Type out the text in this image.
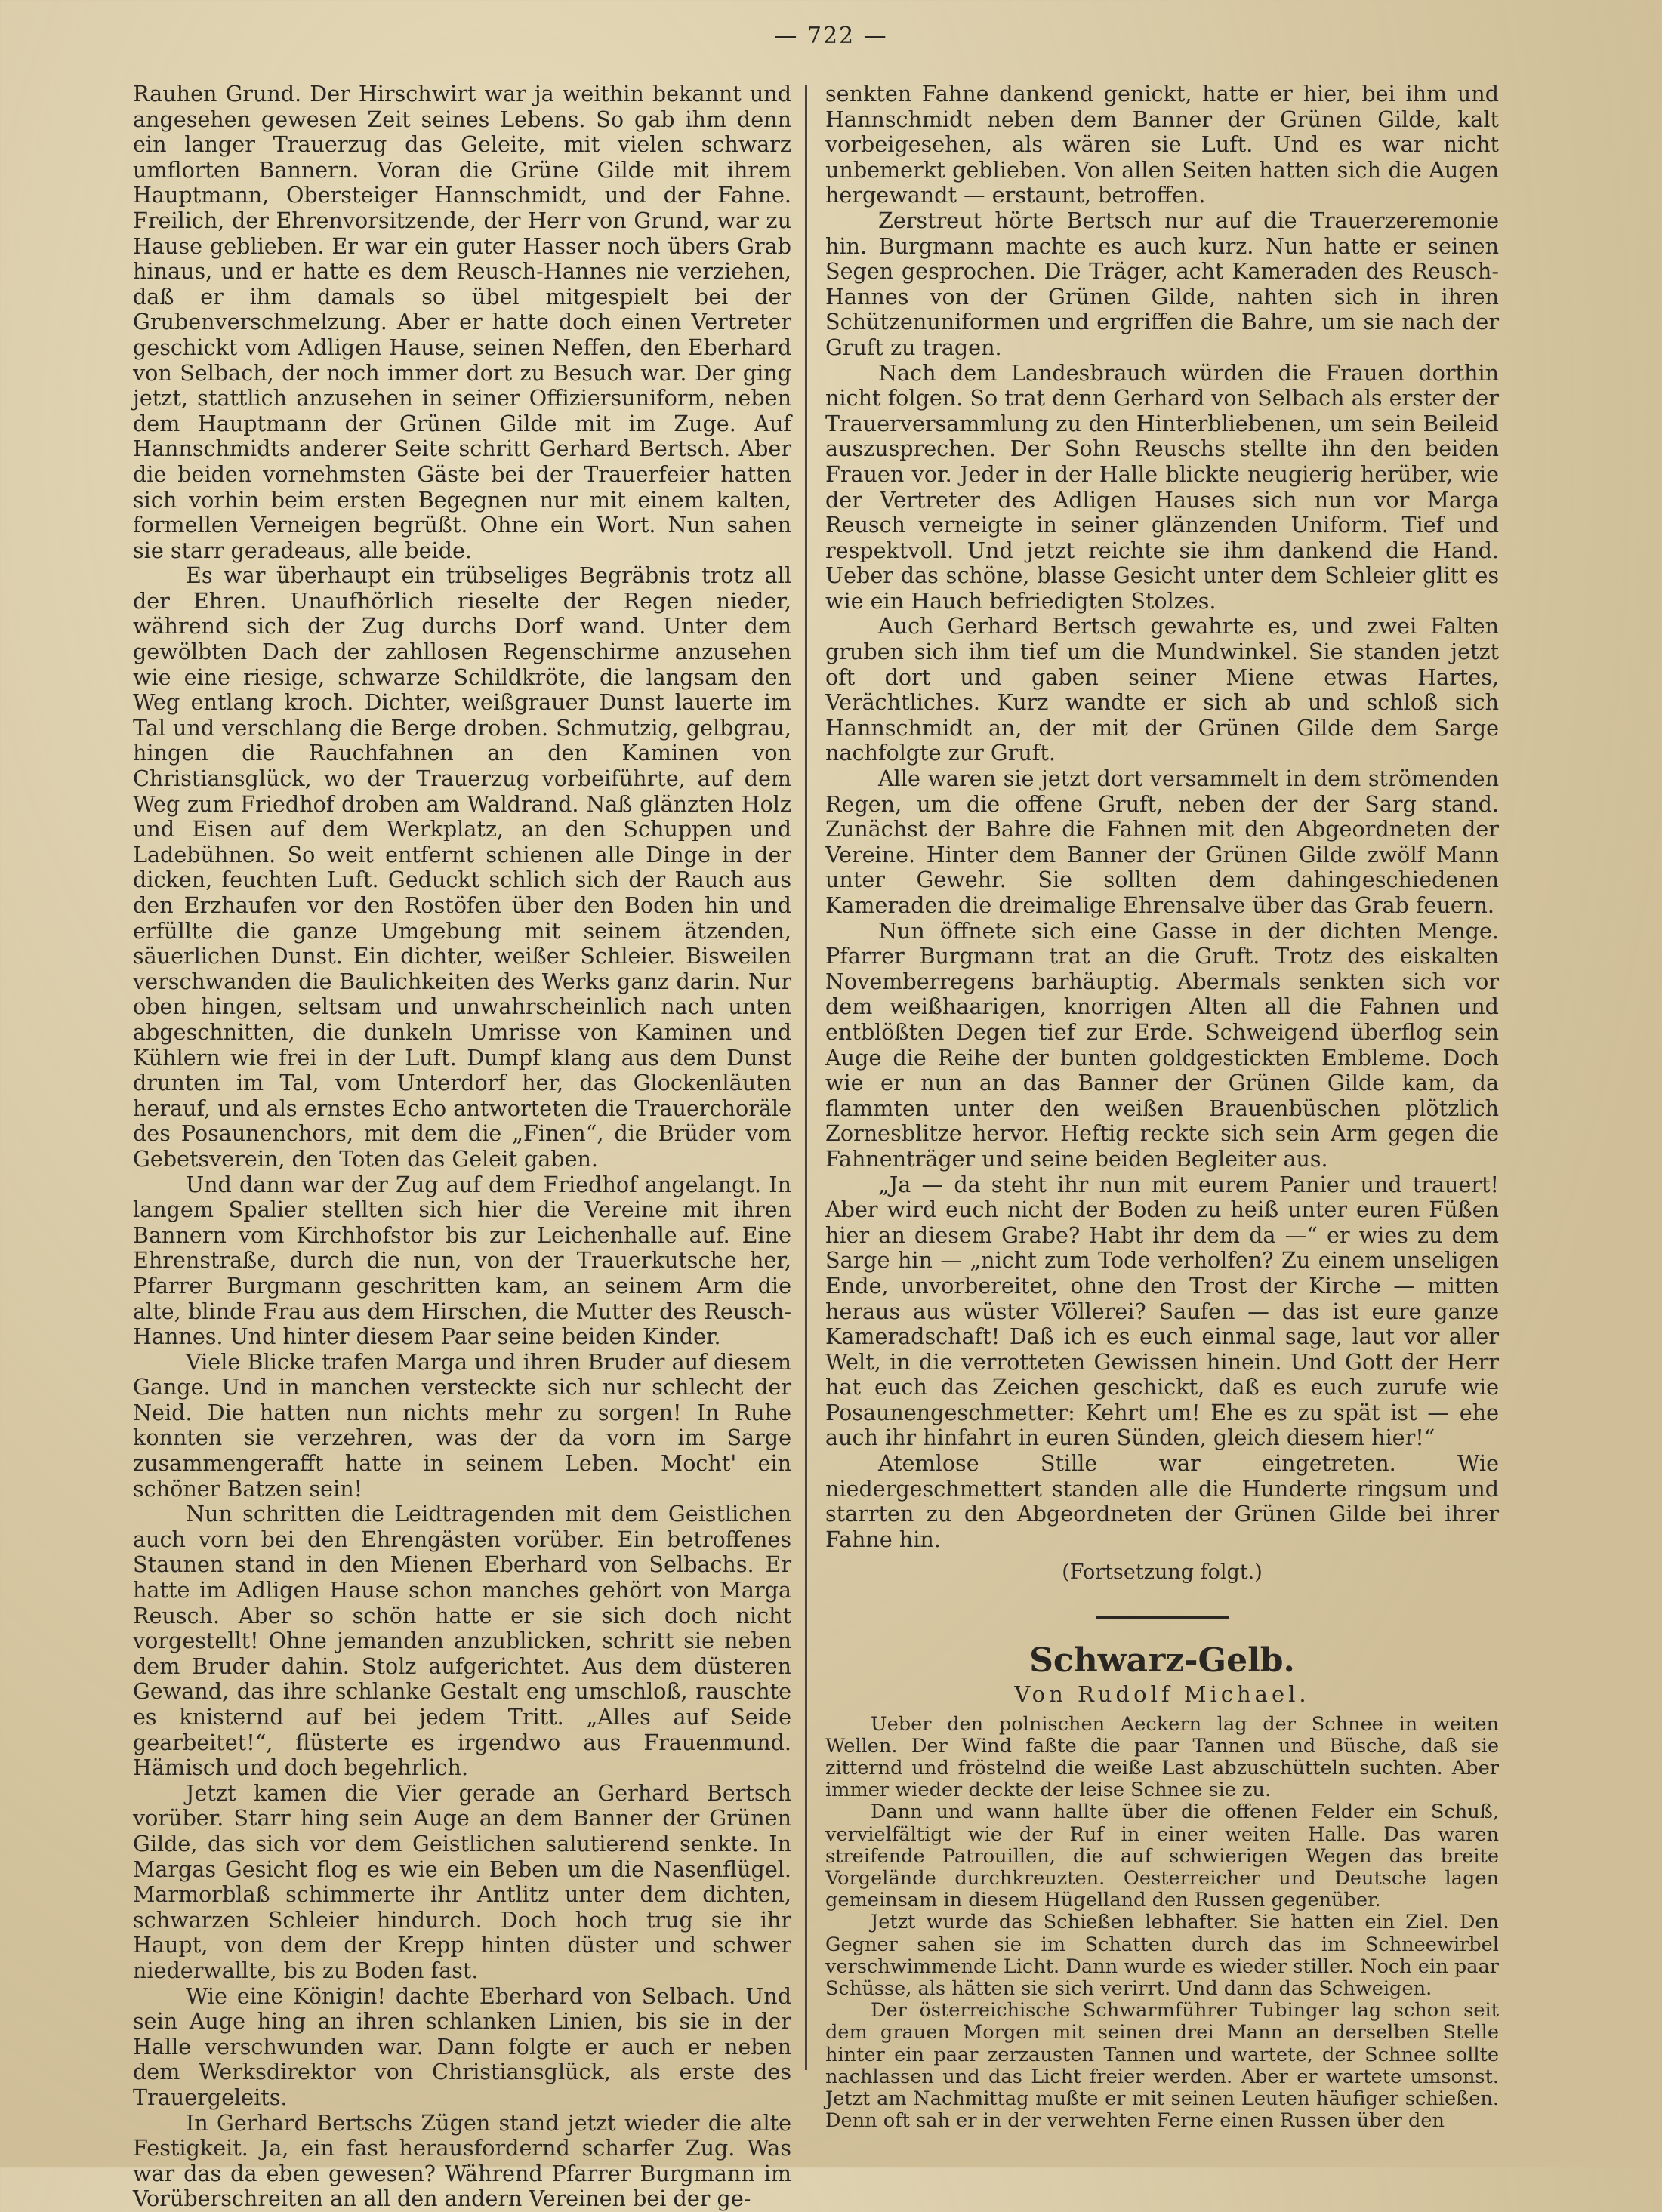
— 722 —

Rauhen Grund. Der Hirschwirt war ja weithin bekannt und angesehen gewesen Zeit seines Lebens. So gab ihm denn ein langer Trauerzug das Geleite, mit vielen schwarz umflorten Bannern. Voran die Grüne Gilde mit ihrem Hauptmann, Obersteiger Hannschmidt, und der Fahne. Freilich, der Ehrenvorsitzende, der Herr von Grund, war zu Hause geblieben. Er war ein guter Hasser noch übers Grab hinaus, und er hatte es dem Reusch-Hannes nie verziehen, daß er ihm damals so übel mitgespielt bei der Grubenverschmelzung. Aber er hatte doch einen Vertreter geschickt vom Adligen Hause, seinen Neffen, den Eberhard von Selbach, der noch immer dort zu Besuch war. Der ging jetzt, stattlich anzusehen in seiner Offiziersuniform, neben dem Hauptmann der Grünen Gilde mit im Zuge. Auf Hannschmidts anderer Seite schritt Gerhard Bertsch. Aber die beiden vornehmsten Gäste bei der Trauerfeier hatten sich vorhin beim ersten Begegnen nur mit einem kalten, formellen Verneigen begrüßt. Ohne ein Wort. Nun sahen sie starr geradeaus, alle beide.

Es war überhaupt ein trübseliges Begräbnis trotz all der Ehren. Unaufhörlich rieselte der Regen nieder, während sich der Zug durchs Dorf wand. Unter dem gewölbten Dach der zahllosen Regenschirme anzusehen wie eine riesige, schwarze Schildkröte, die langsam den Weg entlang kroch. Dichter, weißgrauer Dunst lauerte im Tal und verschlang die Berge droben. Schmutzig, gelbgrau, hingen die Rauchfahnen an den Kaminen von Christiansglück, wo der Trauerzug vorbeiführte, auf dem Weg zum Friedhof droben am Waldrand. Naß glänzten Holz und Eisen auf dem Werkplatz, an den Schuppen und Ladebühnen. So weit entfernt schienen alle Dinge in der dicken, feuchten Luft. Geduckt schlich sich der Rauch aus den Erzhaufen vor den Rostöfen über den Boden hin und erfüllte die ganze Umgebung mit seinem ätzenden, säuerlichen Dunst. Ein dichter, weißer Schleier. Bisweilen verschwanden die Baulichkeiten des Werks ganz darin. Nur oben hingen, seltsam und unwahrscheinlich nach unten abgeschnitten, die dunkeln Umrisse von Kaminen und Kühlern wie frei in der Luft. Dumpf klang aus dem Dunst drunten im Tal, vom Unterdorf her, das Glockenläuten herauf, und als ernstes Echo antworteten die Trauerchoräle des Posaunenchors, mit dem die „Finen“, die Brüder vom Gebetsverein, den Toten das Geleit gaben.

Und dann war der Zug auf dem Friedhof angelangt. In langem Spalier stellten sich hier die Vereine mit ihren Bannern vom Kirchhofstor bis zur Leichenhalle auf. Eine Ehrenstraße, durch die nun, von der Trauerkutsche her, Pfarrer Burgmann geschritten kam, an seinem Arm die alte, blinde Frau aus dem Hirschen, die Mutter des Reusch-Hannes. Und hinter diesem Paar seine beiden Kinder.

Viele Blicke trafen Marga und ihren Bruder auf diesem Gange. Und in manchen versteckte sich nur schlecht der Neid. Die hatten nun nichts mehr zu sorgen! In Ruhe konnten sie verzehren, was der da vorn im Sarge zusammengerafft hatte in seinem Leben. Mocht' ein schöner Batzen sein!

Nun schritten die Leidtragenden mit dem Geistlichen auch vorn bei den Ehrengästen vorüber. Ein betroffenes Staunen stand in den Mienen Eberhard von Selbachs. Er hatte im Adligen Hause schon manches gehört von Marga Reusch. Aber so schön hatte er sie sich doch nicht vorgestellt! Ohne jemanden anzublicken, schritt sie neben dem Bruder dahin. Stolz aufgerichtet. Aus dem düsteren Gewand, das ihre schlanke Gestalt eng umschloß, rauschte es knisternd auf bei jedem Tritt. „Alles auf Seide gearbeitet!“, flüsterte es irgendwo aus Frauenmund. Hämisch und doch begehrlich.

Jetzt kamen die Vier gerade an Gerhard Bertsch vorüber. Starr hing sein Auge an dem Banner der Grünen Gilde, das sich vor dem Geistlichen salutierend senkte. In Margas Gesicht flog es wie ein Beben um die Nasenflügel. Marmorblaß schimmerte ihr Antlitz unter dem dichten, schwarzen Schleier hindurch. Doch hoch trug sie ihr Haupt, von dem der Krepp hinten düster und schwer niederwallte, bis zu Boden fast.

Wie eine Königin! dachte Eberhard von Selbach. Und sein Auge hing an ihren schlanken Linien, bis sie in der Halle verschwunden war. Dann folgte er auch er neben dem Werksdirektor von Christiansglück, als erste des Trauergeleits.

In Gerhard Bertschs Zügen stand jetzt wieder die alte Festigkeit. Ja, ein fast herausfordernd scharfer Zug. Was war das da eben gewesen? Während Pfarrer Burgmann im Vorüberschreiten an all den andern Vereinen bei der ge-

senkten Fahne dankend genickt, hatte er hier, bei ihm und Hannschmidt neben dem Banner der Grünen Gilde, kalt vorbeigesehen, als wären sie Luft. Und es war nicht unbemerkt geblieben. Von allen Seiten hatten sich die Augen hergewandt — erstaunt, betroffen.

Zerstreut hörte Bertsch nur auf die Trauerzeremonie hin. Burgmann machte es auch kurz. Nun hatte er seinen Segen gesprochen. Die Träger, acht Kameraden des Reusch-Hannes von der Grünen Gilde, nahten sich in ihren Schützenuniformen und ergriffen die Bahre, um sie nach der Gruft zu tragen.

Nach dem Landesbrauch würden die Frauen dorthin nicht folgen. So trat denn Gerhard von Selbach als erster der Trauerversammlung zu den Hinterbliebenen, um sein Beileid auszusprechen. Der Sohn Reuschs stellte ihn den beiden Frauen vor. Jeder in der Halle blickte neugierig herüber, wie der Vertreter des Adligen Hauses sich nun vor Marga Reusch verneigte in seiner glänzenden Uniform. Tief und respektvoll. Und jetzt reichte sie ihm dankend die Hand. Ueber das schöne, blasse Gesicht unter dem Schleier glitt es wie ein Hauch befriedigten Stolzes.

Auch Gerhard Bertsch gewahrte es, und zwei Falten gruben sich ihm tief um die Mundwinkel. Sie standen jetzt oft dort und gaben seiner Miene etwas Hartes, Verächtliches. Kurz wandte er sich ab und schloß sich Hannschmidt an, der mit der Grünen Gilde dem Sarge nachfolgte zur Gruft.

Alle waren sie jetzt dort versammelt in dem strömenden Regen, um die offene Gruft, neben der der Sarg stand. Zunächst der Bahre die Fahnen mit den Abgeordneten der Vereine. Hinter dem Banner der Grünen Gilde zwölf Mann unter Gewehr. Sie sollten dem dahingeschiedenen Kameraden die dreimalige Ehrensalve über das Grab feuern.

Nun öffnete sich eine Gasse in der dichten Menge. Pfarrer Burgmann trat an die Gruft. Trotz des eiskalten Novemberregens barhäuptig. Abermals senkten sich vor dem weißhaarigen, knorrigen Alten all die Fahnen und entblößten Degen tief zur Erde. Schweigend überflog sein Auge die Reihe der bunten goldgestickten Embleme. Doch wie er nun an das Banner der Grünen Gilde kam, da flammten unter den weißen Brauenbüschen plötzlich Zornesblitze hervor. Heftig reckte sich sein Arm gegen die Fahnenträger und seine beiden Begleiter aus.

„Ja — da steht ihr nun mit eurem Panier und trauert! Aber wird euch nicht der Boden zu heiß unter euren Füßen hier an diesem Grabe? Habt ihr dem da —“ er wies zu dem Sarge hin — „nicht zum Tode verholfen? Zu einem unseligen Ende, unvorbereitet, ohne den Trost der Kirche — mitten heraus aus wüster Völlerei? Saufen — das ist eure ganze Kameradschaft! Daß ich es euch einmal sage, laut vor aller Welt, in die verrotteten Gewissen hinein. Und Gott der Herr hat euch das Zeichen geschickt, daß es euch zurufe wie Posaunengeschmetter: Kehrt um! Ehe es zu spät ist — ehe auch ihr hinfahrt in euren Sünden, gleich diesem hier!“

Atemlose Stille war eingetreten. Wie niedergeschmettert standen alle die Hunderte ringsum und starrten zu den Abgeordneten der Grünen Gilde bei ihrer Fahne hin.

(Fortsetzung folgt.)

Schwarz-Gelb.
Von Rudolf Michael.

Ueber den polnischen Aeckern lag der Schnee in weiten Wellen. Der Wind faßte die paar Tannen und Büsche, daß sie zitternd und fröstelnd die weiße Last abzuschütteln suchten. Aber immer wieder deckte der leise Schnee sie zu.

Dann und wann hallte über die offenen Felder ein Schuß, vervielfältigt wie der Ruf in einer weiten Halle. Das waren streifende Patrouillen, die auf schwierigen Wegen das breite Vorgelände durchkreuzten. Oesterreicher und Deutsche lagen gemeinsam in diesem Hügelland den Russen gegenüber.

Jetzt wurde das Schießen lebhafter. Sie hatten ein Ziel. Den Gegner sahen sie im Schatten durch das im Schneewirbel verschwimmende Licht. Dann wurde es wieder stiller. Noch ein paar Schüsse, als hätten sie sich verirrt. Und dann das Schweigen.

Der österreichische Schwarmführer Tubinger lag schon seit dem grauen Morgen mit seinen drei Mann an derselben Stelle hinter ein paar zerzausten Tannen und wartete, der Schnee sollte nachlassen und das Licht freier werden. Aber er wartete umsonst. Jetzt am Nachmittag mußte er mit seinen Leuten häufiger schießen. Denn oft sah er in der verwehten Ferne einen Russen über den
